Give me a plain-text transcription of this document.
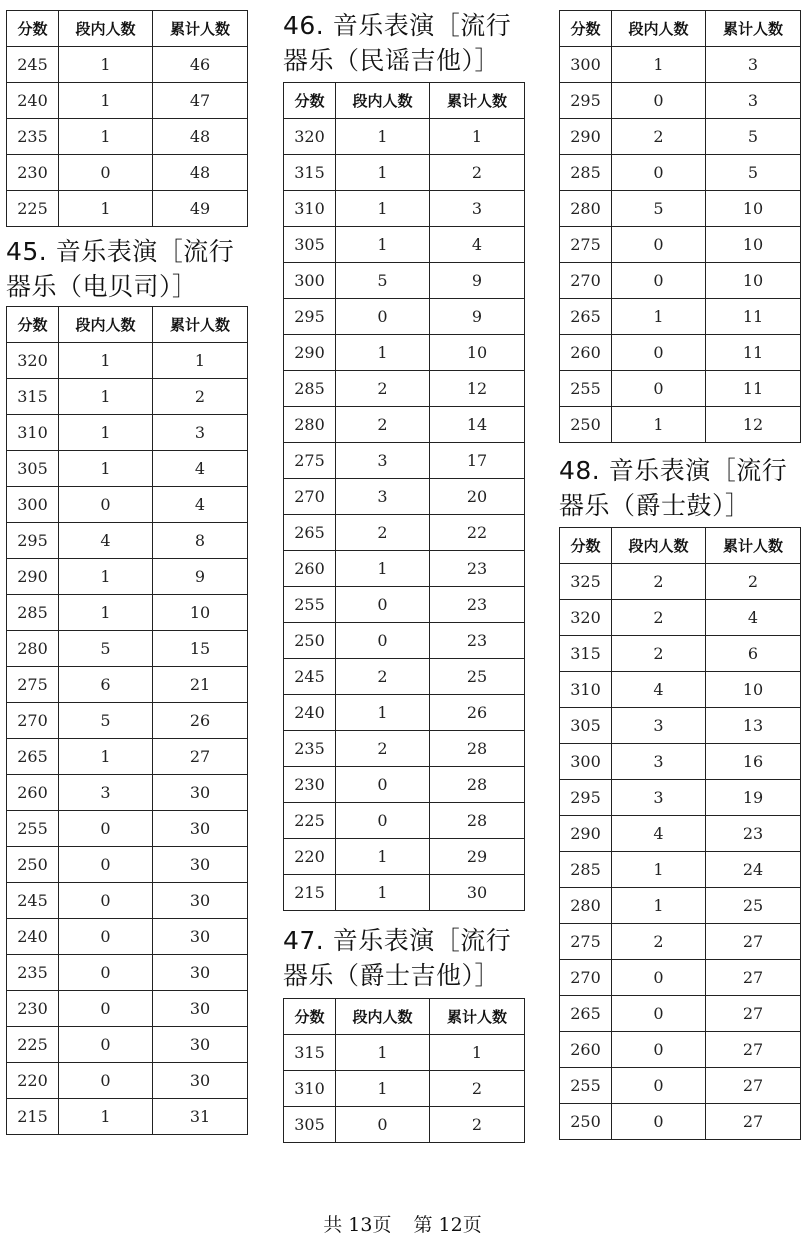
分数	段内人数	累计人数
245	1	46
240	1	47
235	1	48
230	0	48
225	1	49
45. 音乐表演［流行
器乐（电贝司）］
分数	段内人数	累计人数
320	1	1
315	1	2
310	1	3
305	1	4
300	0	4
295	4	8
290	1	9
285	1	10
280	5	15
275	6	21
270	5	26
265	1	27
260	3	30
255	0	30
250	0	30
245	0	30
240	0	30
235	0	30
230	0	30
225	0	30
220	0	30
215	1	31
46. 音乐表演［流行
器乐（民谣吉他）］
分数	段内人数	累计人数
320	1	1
315	1	2
310	1	3
305	1	4
300	5	9
295	0	9
290	1	10
285	2	12
280	2	14
275	3	17
270	3	20
265	2	22
260	1	23
255	0	23
250	0	23
245	2	25
240	1	26
235	2	28
230	0	28
225	0	28
220	1	29
215	1	30
47. 音乐表演［流行
器乐（爵士吉他）］
分数	段内人数	累计人数
315	1	1
310	1	2
305	0	2
分数	段内人数	累计人数
300	1	3
295	0	3
290	2	5
285	0	5
280	5	10
275	0	10
270	0	10
265	1	11
260	0	11
255	0	11
250	1	12
48. 音乐表演［流行
器乐（爵士鼓）］
分数	段内人数	累计人数
325	2	2
320	2	4
315	2	6
310	4	10
305	3	13
300	3	16
295	3	19
290	4	23
285	1	24
280	1	25
275	2	27
270	0	27
265	0	27
260	0	27
255	0	27
250	0	27
共 13页 第 12页
